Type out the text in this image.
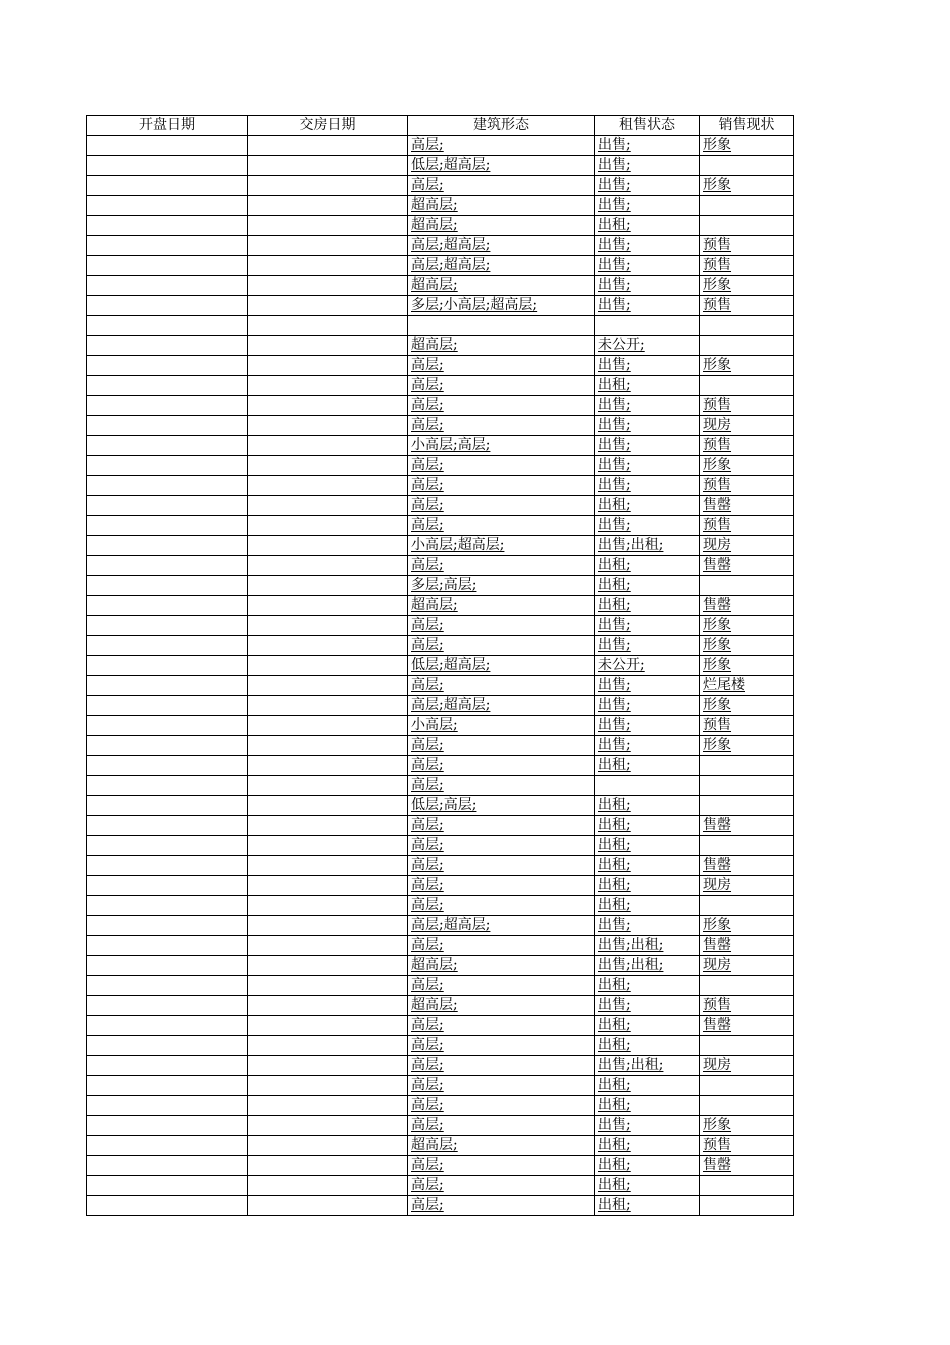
开盘日期	交房日期	建筑形态	租售状态	销售现状
		高层;	出售;	形象
		低层;超高层;	出售;	
		高层;	出售;	形象
		超高层;	出售;	
		超高层;	出租;	
		高层;超高层;	出售;	预售
		高层;超高层;	出售;	预售
		超高层;	出售;	形象
		多层;小高层;超高层;	出售;	预售

		超高层;	未公开;	
		高层;	出售;	形象
		高层;	出租;	
		高层;	出售;	预售
		高层;	出售;	现房
		小高层;高层;	出售;	预售
		高层;	出售;	形象
		高层;	出售;	预售
		高层;	出租;	售罄
		高层;	出售;	预售
		小高层;超高层;	出售;出租;	现房
		高层;	出租;	售罄
		多层;高层;	出租;	
		超高层;	出租;	售罄
		高层;	出售;	形象
		高层;	出售;	形象
		低层;超高层;	未公开;	形象
		高层;	出售;	烂尾楼
		高层;超高层;	出售;	形象
		小高层;	出售;	预售
		高层;	出售;	形象
		高层;	出租;	
		高层;		
		低层;高层;	出租;	
		高层;	出租;	售罄
		高层;	出租;	
		高层;	出租;	售罄
		高层;	出租;	现房
		高层;	出租;	
		高层;超高层;	出售;	形象
		高层;	出售;出租;	售罄
		超高层;	出售;出租;	现房
		高层;	出租;	
		超高层;	出售;	预售
		高层;	出租;	售罄
		高层;	出租;	
		高层;	出售;出租;	现房
		高层;	出租;	
		高层;	出租;	
		高层;	出售;	形象
		超高层;	出租;	预售
		高层;	出租;	售罄
		高层;	出租;	
		高层;	出租;	
